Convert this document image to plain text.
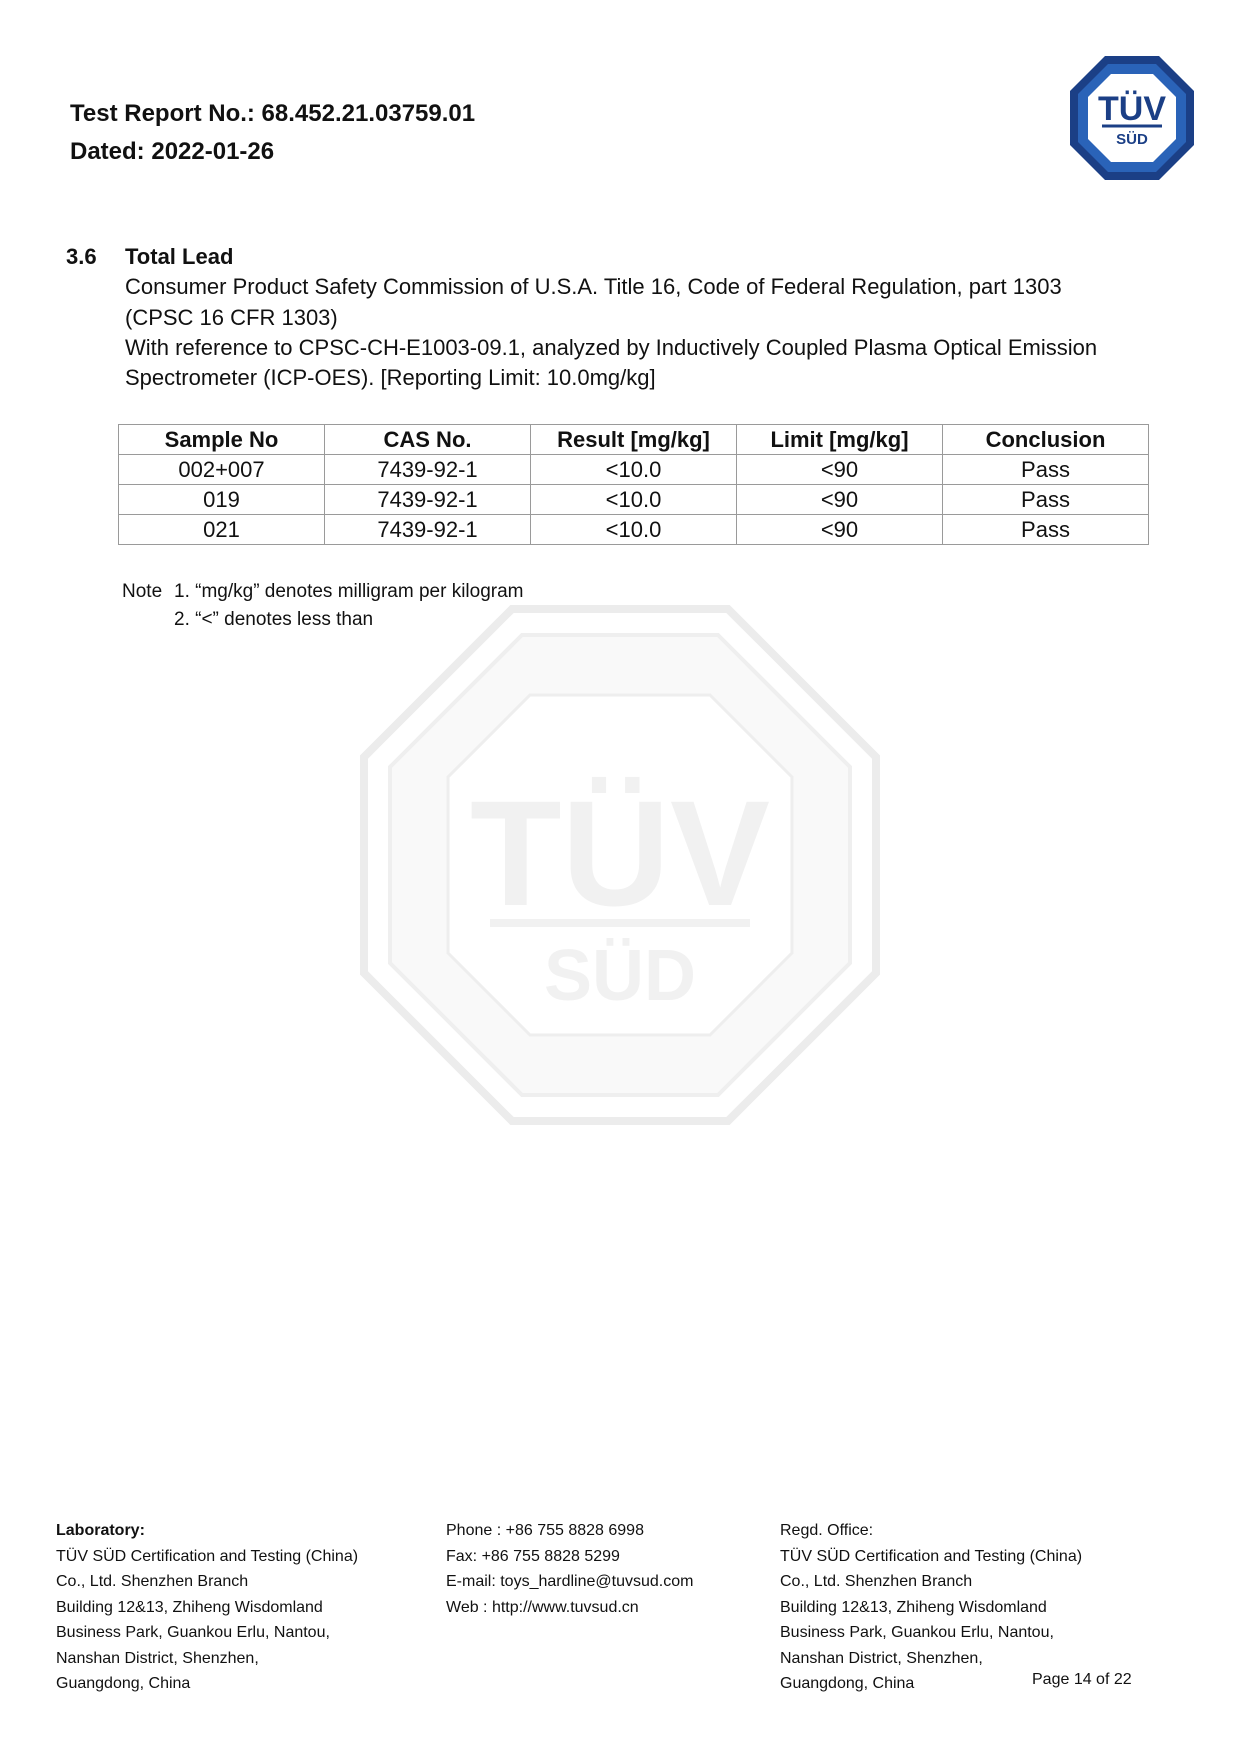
Test Report No.: 68.452.21.03759.01
Dated: 2022-01-26
TÜV
SÜD
TÜV
SÜD
3.6 Total Lead
Consumer Product Safety Commission of U.S.A. Title 16, Code of Federal Regulation, part 1303
(CPSC 16 CFR 1303)
With reference to CPSC-CH-E1003-09.1, analyzed by Inductively Coupled Plasma Optical Emission
Spectrometer (ICP-OES). [Reporting Limit: 10.0mg/kg]
Sample No	CAS No.	Result [mg/kg]	Limit [mg/kg]	Conclusion
002+007	7439-92-1	<10.0	<90	Pass
019	7439-92-1	<10.0	<90	Pass
021	7439-92-1	<10.0	<90	Pass
Note 1. “mg/kg” denotes milligram per kilogram
2. “<” denotes less than
Laboratory:
TÜV SÜD Certification and Testing (China)
Co., Ltd. Shenzhen Branch
Building 12&13, Zhiheng Wisdomland
Business Park, Guankou Erlu, Nantou,
Nanshan District, Shenzhen,
Guangdong, China
Phone : +86 755 8828 6998
Fax: +86 755 8828 5299
E-mail: toys_hardline@tuvsud.com
Web : http://www.tuvsud.cn
Regd. Office:
TÜV SÜD Certification and Testing (China)
Co., Ltd. Shenzhen Branch
Building 12&13, Zhiheng Wisdomland
Business Park, Guankou Erlu, Nantou,
Nanshan District, Shenzhen,
Guangdong, China	Page 14 of 22
